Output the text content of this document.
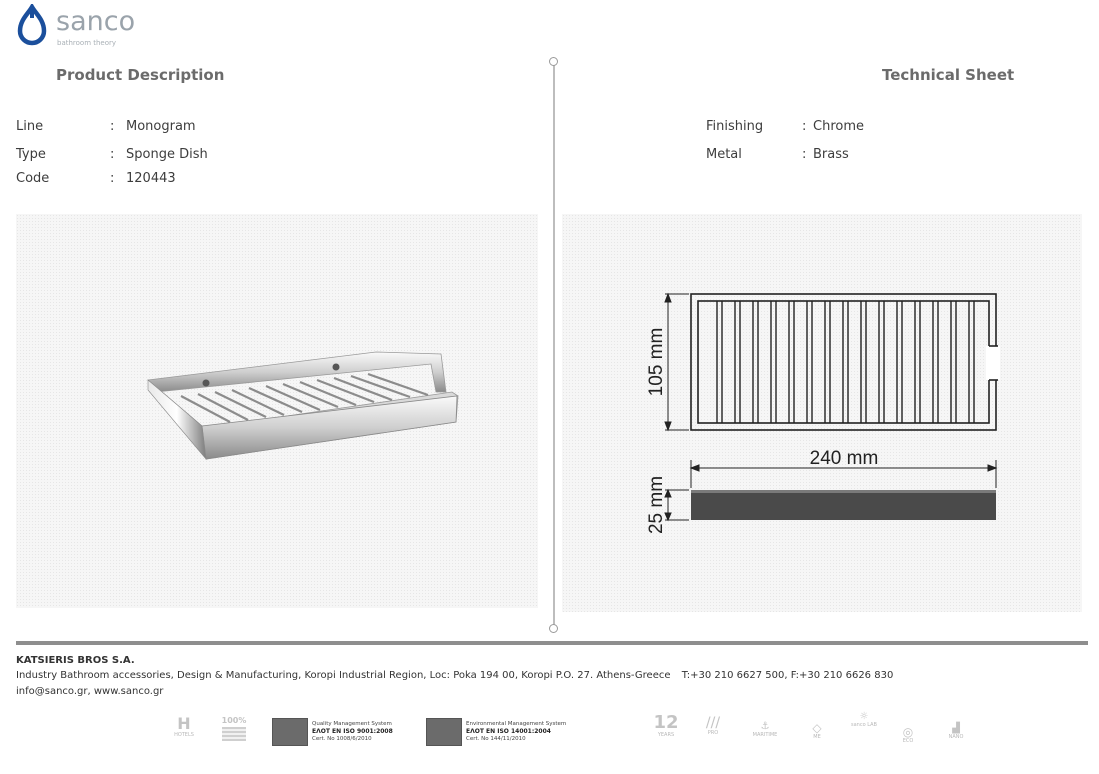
sanco
bathroom theory
Product Description	Technical Sheet
Line	: Monogram
Type	: Sponge Dish
Code	: 120443
Finishing	: Chrome
Metal	: Brass
105 mm
240 mm
25 mm
KATSIERIS BROS S.A.
Industry Bathroom accessories, Design & Manufacturing, Koropi Industrial Region, Loc: Poka 194 00, Koropi P.O. 27. Athens-Greece T:+30 210 6627 500, F:+30 210 6626 830
info@sanco.gr, www.sanco.gr
H
HOTELS
100%	Quality Management System
ΕΛΟΤ EN ISO 9001:2008
Cert. No 1008/6/2010
Environmental Management System
ΕΛΟΤ EN ISO 14001:2004
Cert. No 144/11/2010
12
YEARS
///
PRO
⚓
MARITIME	◇
ME
☼
sanco LAB	◎
ECO
▟
NANO
